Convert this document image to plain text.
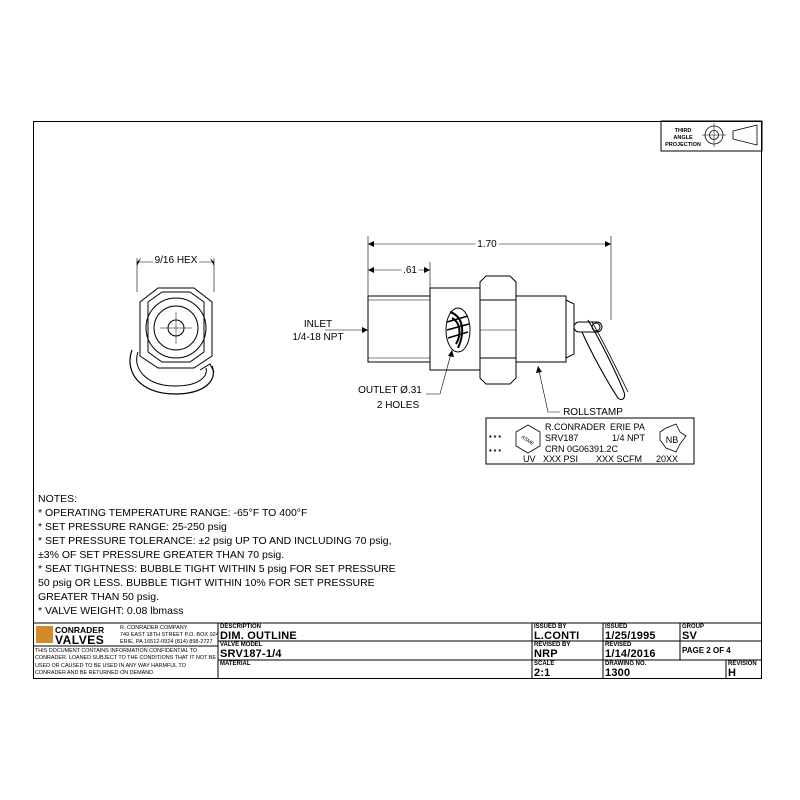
THIRD
ANGLE
PROJECTION
9/16 HEX
1.70
.61
INLET
1/4-18 NPT
OUTLET Ø.31
2 HOLES
ROLLSTAMP
* * *
* * *
ASME
R.CONRADER ERIE PA
SRV187	1/4 NPT
CRN 0G06391.2C
UV XXX PSI XXX SCFM 20XX
NB
NOTES:
* OPERATING TEMPERATURE RANGE: -65°F TO 400°F
* SET PRESSURE RANGE: 25-250 psig
* SET PRESSURE TOLERANCE: ±2 psig UP TO AND INCLUDING 70 psig,
±3% OF SET PRESSURE GREATER THAN 70 psig.
* SEAT TIGHTNESS: BUBBLE TIGHT WITHIN 5 psig FOR SET PRESSURE
50 psig OR LESS. BUBBLE TIGHT WITHIN 10% FOR SET PRESSURE
GREATER THAN 50 psig.
* VALVE WEIGHT: 0.08 lbmass
CONRADER
VALVES
R. CONRADER COMPANY
749 EAST 18TH STREET P.O. BOX 924
ERIE, PA 16512-0924 (814) 898-2727
THIS DOCUMENT CONTAINS INFORMATION CONFIDENTIAL TO
CONRADER. LOANED SUBJECT TO THE CONDITIONS THAT IT NOT BE
USED OR CAUSED TO BE USED IN ANY WAY HARMFUL TO
CONRADER AND BE RETURNED ON DEMAND.
DESCRIPTION
DIM. OUTLINE
VALVE MODEL
SRV187-1/4
MATERIAL
ISSUED BY
L.CONTI
REVISED BY
NRP
SCALE
2:1
ISSUED
1/25/1995
REVISED
1/14/2016
DRAWING NO.
1300
GROUP
SV
PAGE 2 OF 4
REVISION
H
